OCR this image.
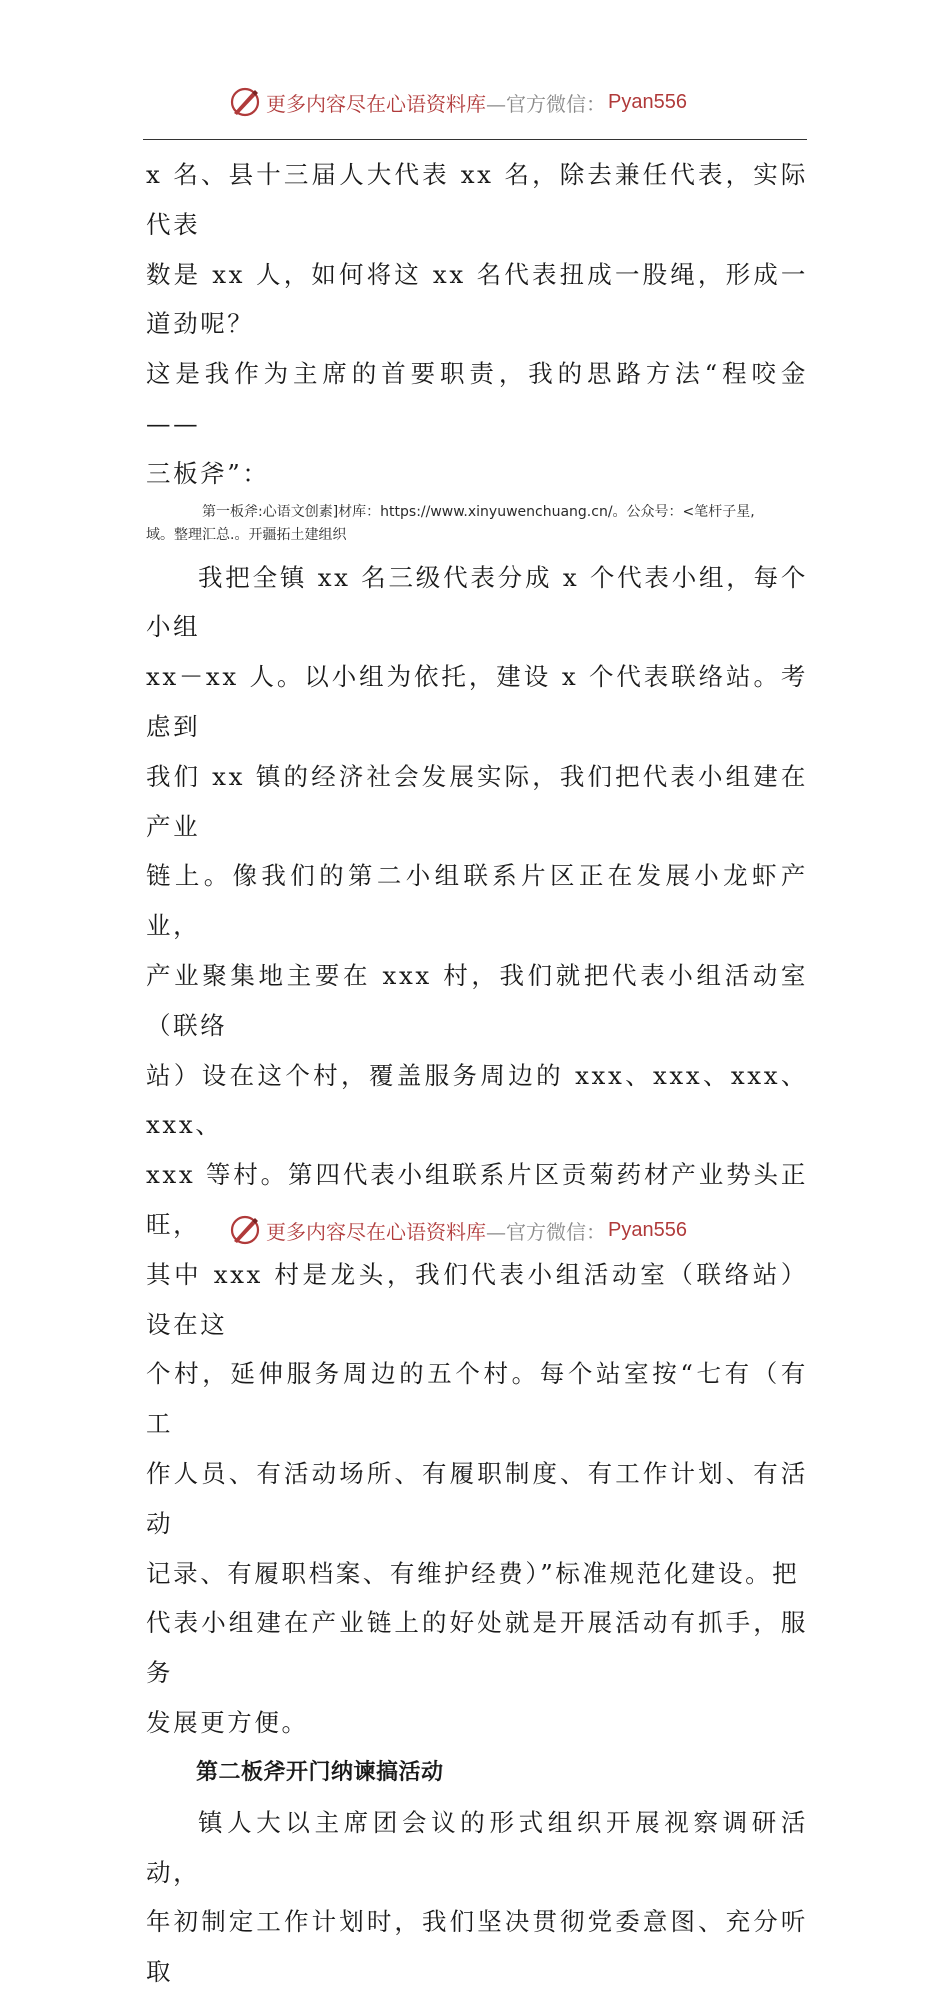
更多内容尽在心语资料库 —官方微信： Pyan556

x 名、县十三届人大代表 xx 名，除去兼任代表，实际代表
数是 xx 人，如何将这 xx 名代表扭成一股绳，形成一道劲呢？
这是我作为主席的首要职责，我的思路方法“程咬金——
三板斧”：

第一板斧:心语文创素]材库：https://www.xinyuwenchuang.cn/。公众号：<笔杆子星,
域。整理汇总.。开疆拓土建组织

我把全镇 xx 名三级代表分成 x 个代表小组，每个小组
xx－xx 人。以小组为依托，建设 x 个代表联络站。考虑到
我们 xx 镇的经济社会发展实际，我们把代表小组建在产业
链上。像我们的第二小组联系片区正在发展小龙虾产业，
产业聚集地主要在 xxx 村，我们就把代表小组活动室（联络
站）设在这个村，覆盖服务周边的 xxx、xxx、xxx、xxx、
xxx 等村。第四代表小组联系片区贡菊药材产业势头正旺，
其中 xxx 村是龙头，我们代表小组活动室（联络站）设在这
个村，延伸服务周边的五个村。每个站室按“七有（有工
作人员、有活动场所、有履职制度、有工作计划、有活动
记录、有履职档案、有维护经费）”标准规范化建设。把
代表小组建在产业链上的好处就是开展活动有抓手，服务
发展更方便。

第二板斧开门纳谏搞活动

镇人大以主席团会议的形式组织开展视察调研活动，
年初制定工作计划时，我们坚决贯彻党委意图、充分听取

更多内容尽在心语资料库 —官方微信： Pyan556
